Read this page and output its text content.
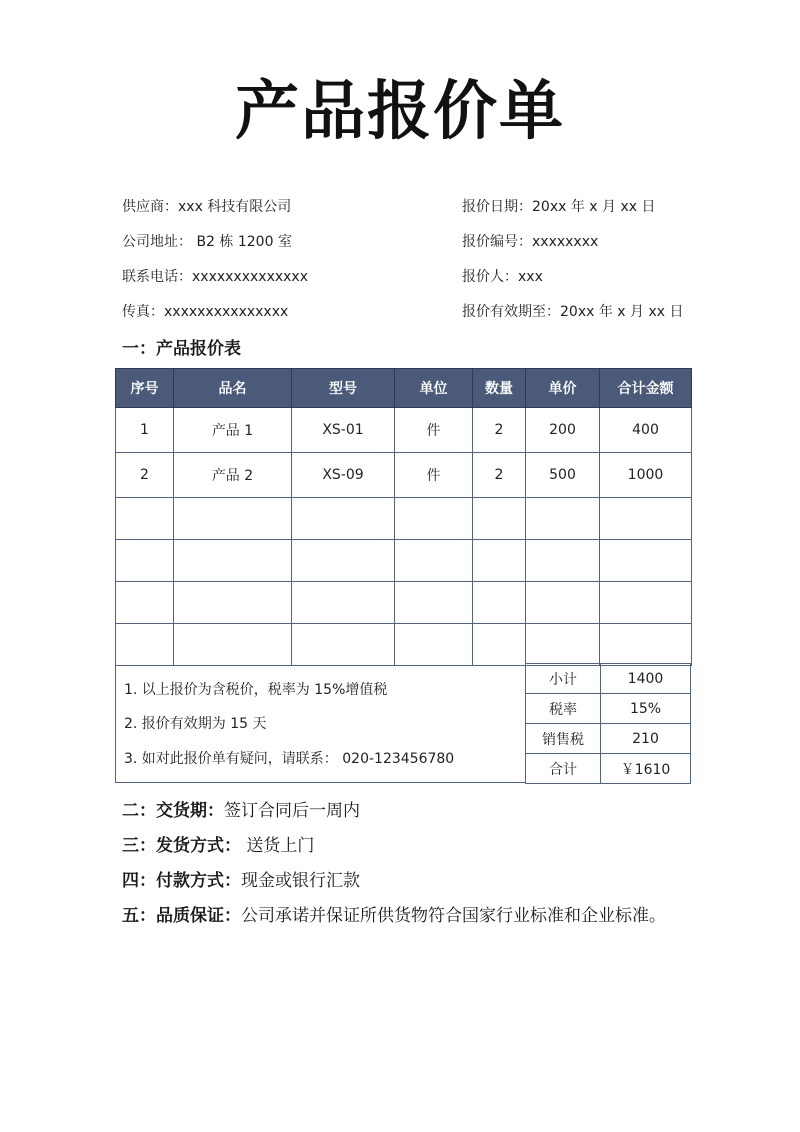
产品报价单
供应商：xxx 科技有限公司
公司地址： B2 栋 1200 室
联系电话：xxxxxxxxxxxxxx
传真：xxxxxxxxxxxxxxx
报价日期：20xx 年 x 月 xx 日
报价编号：xxxxxxxx
报价人：xxx
报价有效期至：20xx 年 x 月 xx 日
一：产品报价表
序号	品名	型号	单位	数量	单价	合计金额
1	产品 1	XS-01	件	2	200	400
2	产品 2	XS-09	件	2	500	1000

1. 以上报价为含税价，税率为 15%增值税
2. 报价有效期为 15 天
3. 如对此报价单有疑问，请联系： 020-123456780
小计	1400
税率	15%
销售税	210
合计	￥1610
二：交货期：签订合同后一周内
三：发货方式： 送货上门
四：付款方式：现金或银行汇款
五：品质保证：公司承诺并保证所供货物符合国家行业标准和企业标准。
